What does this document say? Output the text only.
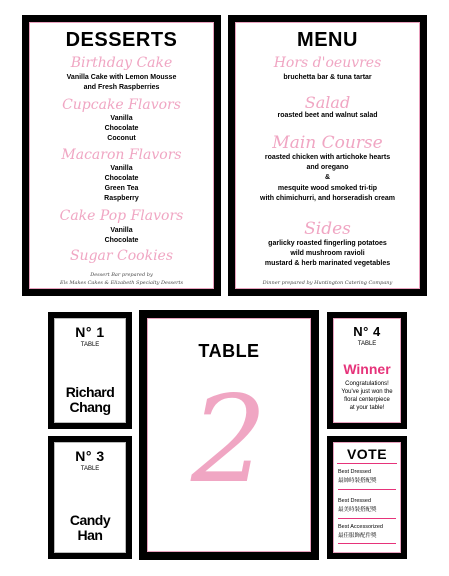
DESSERTS
Birthday Cake
Vanilla Cake with Lemon Mousse
and Fresh Raspberries
Cupcake Flavors
Vanilla
Chocolate
Coconut
Macaron Flavors
Vanilla
Chocolate
Green Tea
Raspberry
Cake Pop Flavors
Vanilla
Chocolate
Sugar Cookies
Dessert Bar prepared by
Els Makes Cakes & Elizabeth Specialty Desserts
MENU
Hors d'oeuvres
bruchetta bar & tuna tartar
Salad
roasted beet and walnut salad
Main Course
roasted chicken with artichoke hearts
and oregano
&
mesquite wood smoked tri-tip
with chimichurri, and horseradish cream
Sides
garlicky roasted fingerling potatoes
wild mushroom ravioli
mustard & herb marinated vegetables
Dinner prepared by Huntington Catering Company
N° 1
TABLE
Richard
Chang
N° 3
TABLE
Candy
Han
TABLE
2
N° 4
TABLE
Winner
Congratulations!
You've just won the
floral centerpiece
at your table!
VOTE
Best Dressed
最帥時裝搭配獎
Best Dressed
最美時裝搭配獎
Best Accessorized
最佳服飾配件獎
